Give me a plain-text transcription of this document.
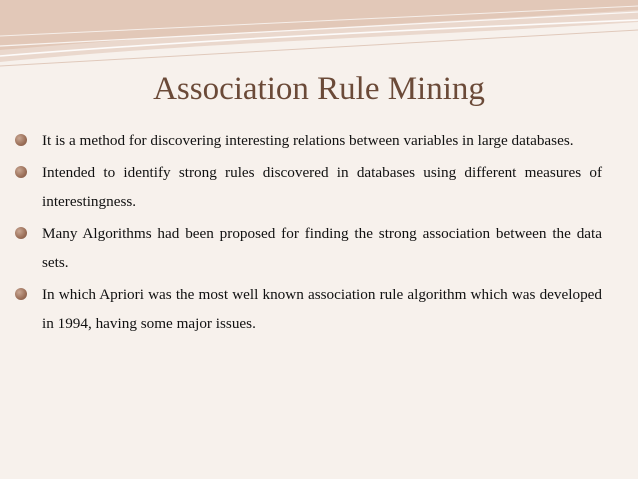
Association Rule Mining
It is a method for discovering interesting relations between variables in large databases.
Intended to identify strong rules discovered in databases using different measures of interestingness.
Many Algorithms had been proposed for finding the strong association between the data sets.
In which Apriori was the most well known association rule algorithm which was developed in 1994, having some major issues.
